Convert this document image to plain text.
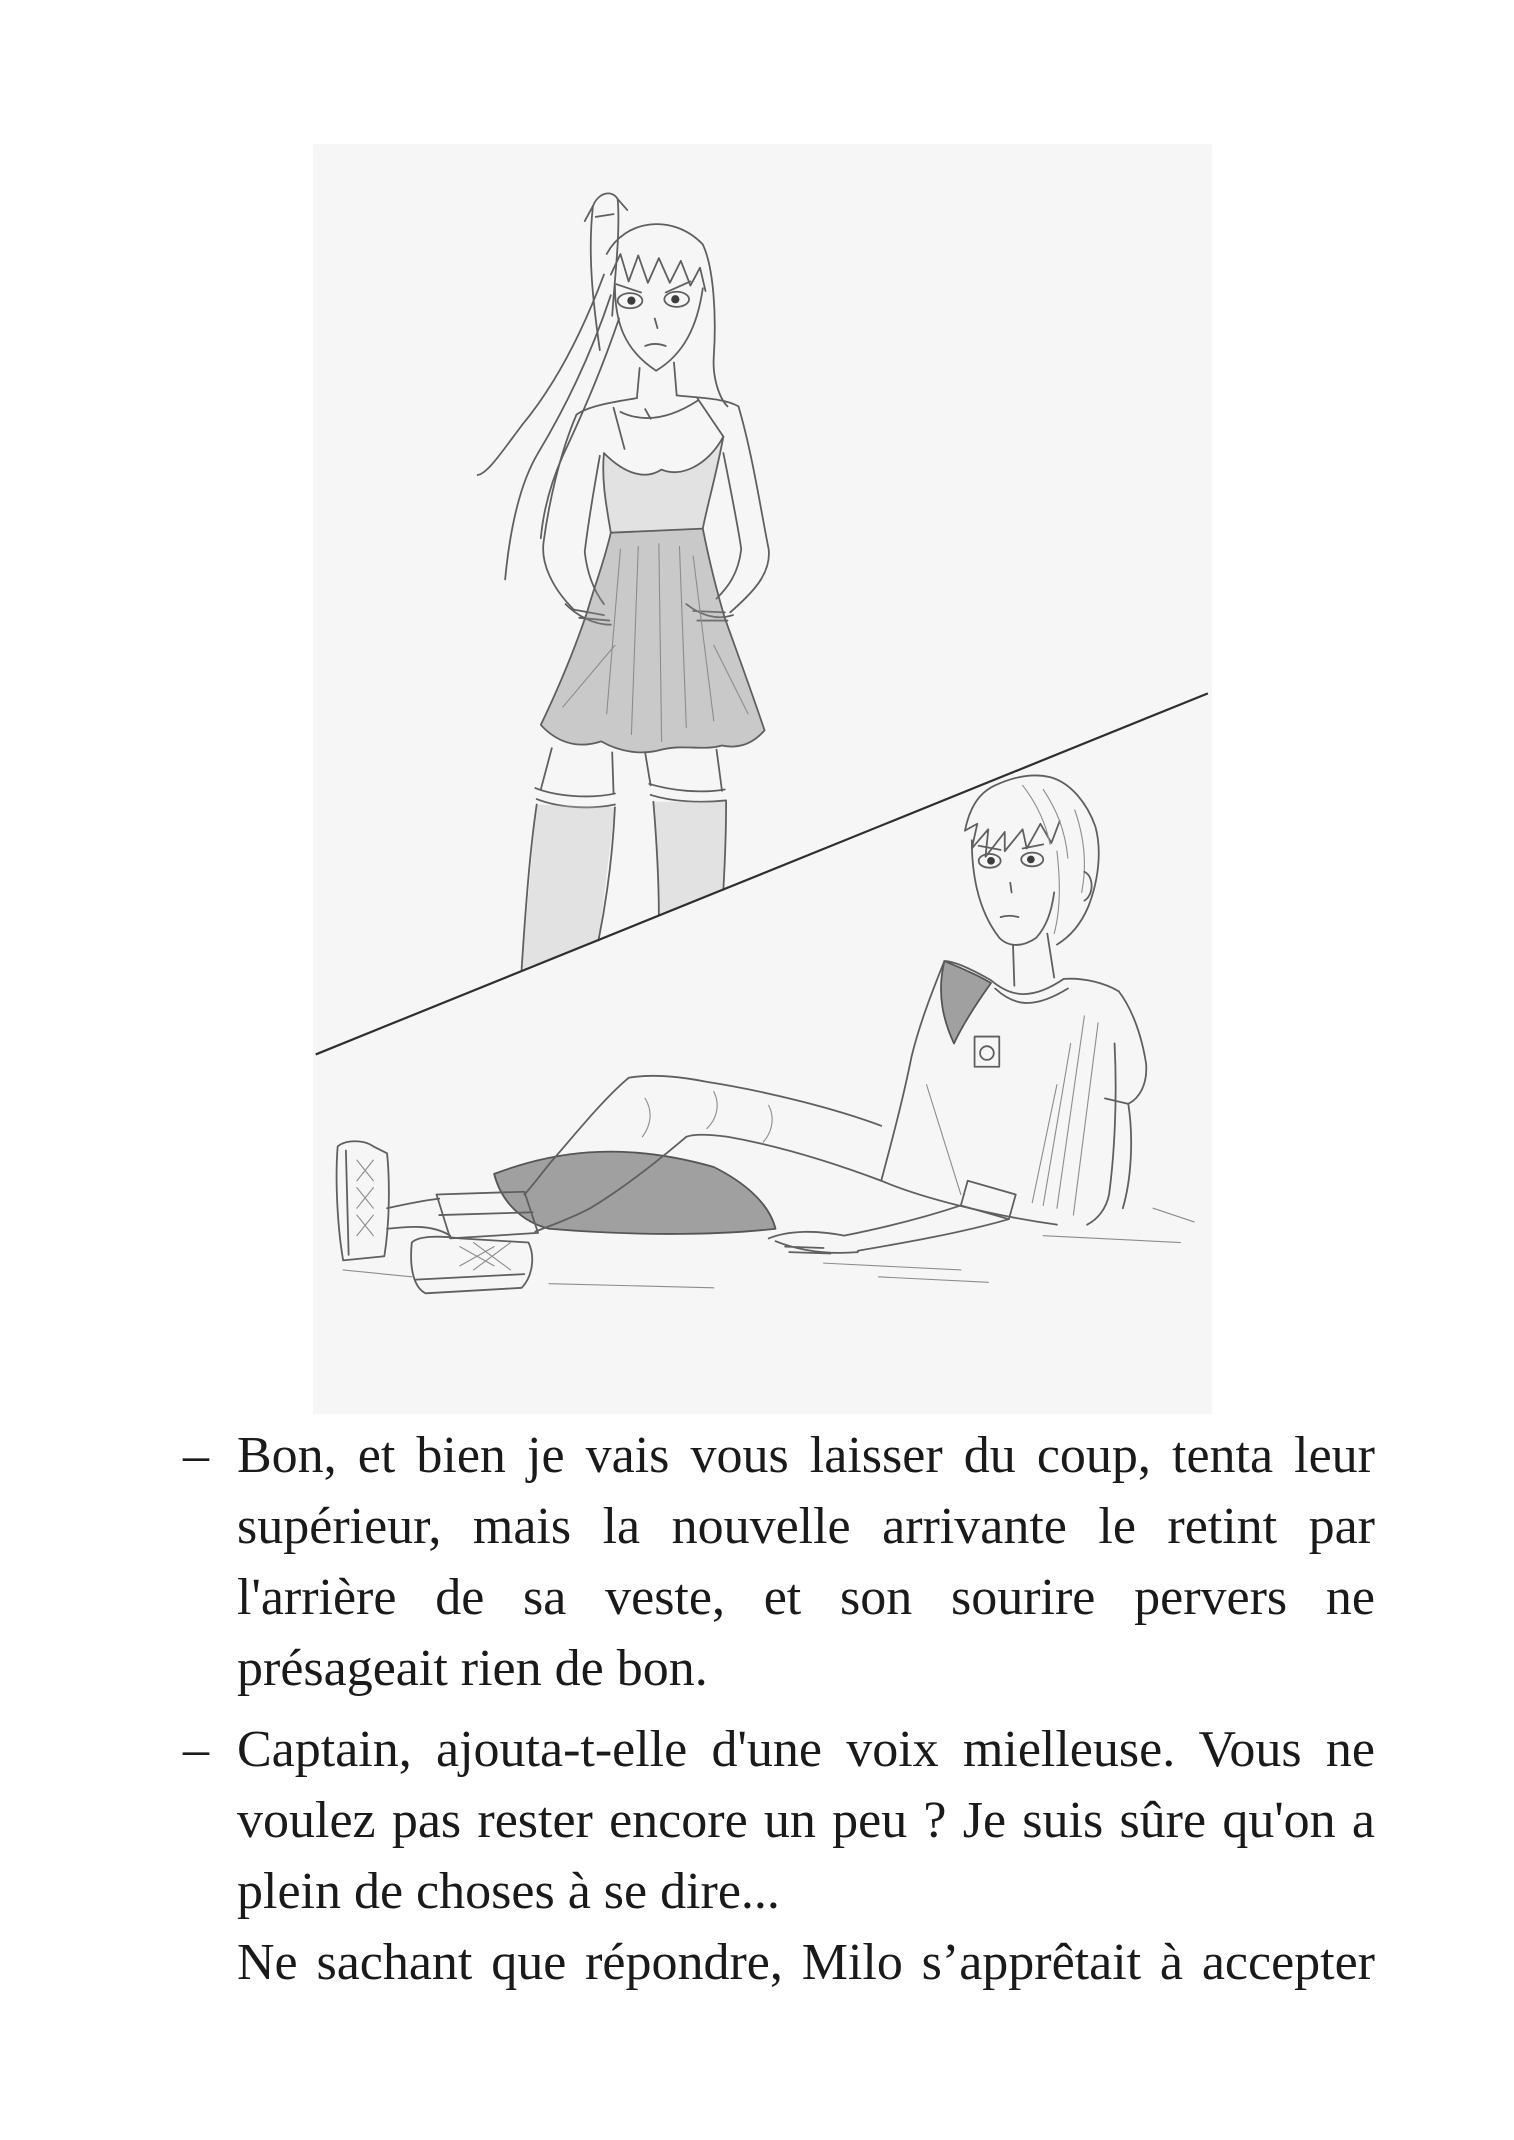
– Bon, et bien je vais vous laisser du coup, tenta leur
supérieur, mais la nouvelle arrivante le retint par
l'arrière de sa veste, et son sourire pervers ne
présageait rien de bon.
– Captain, ajouta-t-elle d'une voix mielleuse. Vous ne
voulez pas rester encore un peu ? Je suis sûre qu'on a
plein de choses à se dire...
Ne sachant que répondre, Milo s’apprêtait à accepter
